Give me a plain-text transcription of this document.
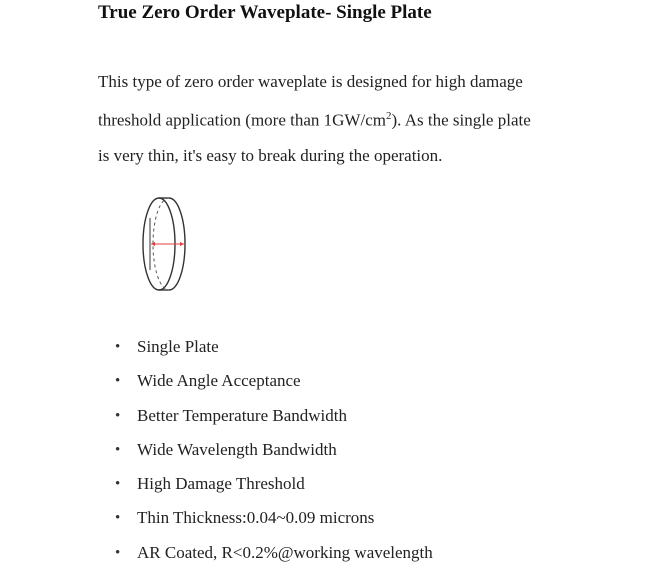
True Zero Order Waveplate- Single Plate

This type of zero order waveplate is designed for high damage
threshold application (more than $1GW/cm^2$). As the single plate
is very thin, it's easy to break during the operation.

• Single Plate
• Wide Angle Acceptance
• Better Temperature Bandwidth
• Wide Wavelength Bandwidth
• High Damage Threshold
• Thin Thickness:0.04~0.09 microns
• AR Coated, R<0.2%@working wavelength
